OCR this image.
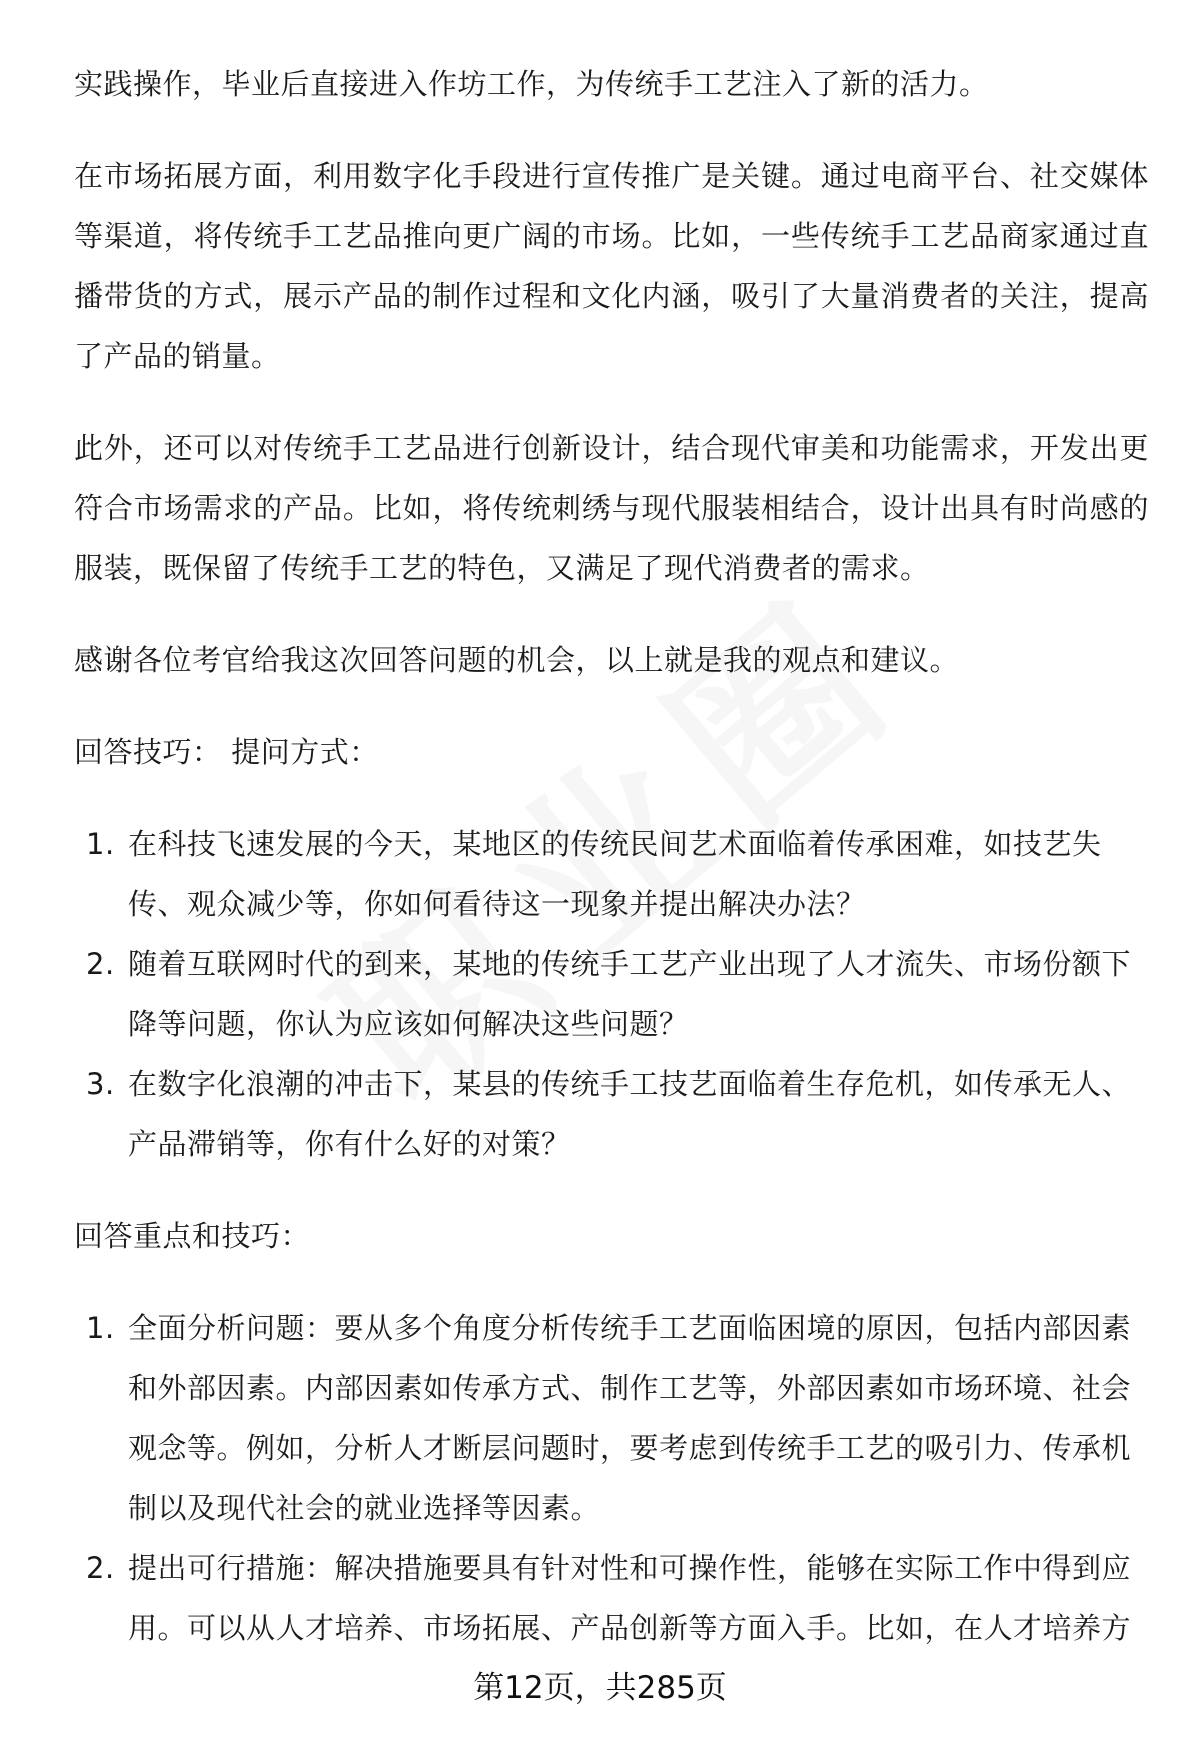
实践操作，毕业后直接进入作坊工作，为传统手工艺注入了新的活力。

在市场拓展方面，利用数字化手段进行宣传推广是关键。通过电商平台、社交媒体等渠道，将传统手工艺品推向更广阔的市场。比如，一些传统手工艺品商家通过直播带货的方式，展示产品的制作过程和文化内涵，吸引了大量消费者的关注，提高了产品的销量。

此外，还可以对传统手工艺品进行创新设计，结合现代审美和功能需求，开发出更符合市场需求的产品。比如，将传统刺绣与现代服装相结合，设计出具有时尚感的服装，既保留了传统手工艺的特色，又满足了现代消费者的需求。

感谢各位考官给我这次回答问题的机会，以上就是我的观点和建议。

回答技巧： 提问方式：

1. 在科技飞速发展的今天，某地区的传统民间艺术面临着传承困难，如技艺失传、观众减少等，你如何看待这一现象并提出解决办法？
2. 随着互联网时代的到来，某地的传统手工艺产业出现了人才流失、市场份额下降等问题，你认为应该如何解决这些问题？
3. 在数字化浪潮的冲击下，某县的传统手工技艺面临着生存危机，如传承无人、产品滞销等，你有什么好的对策？

回答重点和技巧：

1. 全面分析问题：要从多个角度分析传统手工艺面临困境的原因，包括内部因素和外部因素。内部因素如传承方式、制作工艺等，外部因素如市场环境、社会观念等。例如，分析人才断层问题时，要考虑到传统手工艺的吸引力、传承机制以及现代社会的就业选择等因素。
2. 提出可行措施：解决措施要具有针对性和可操作性，能够在实际工作中得到应用。可以从人才培养、市场拓展、产品创新等方面入手。比如，在人才培养方
第12页，共285页
